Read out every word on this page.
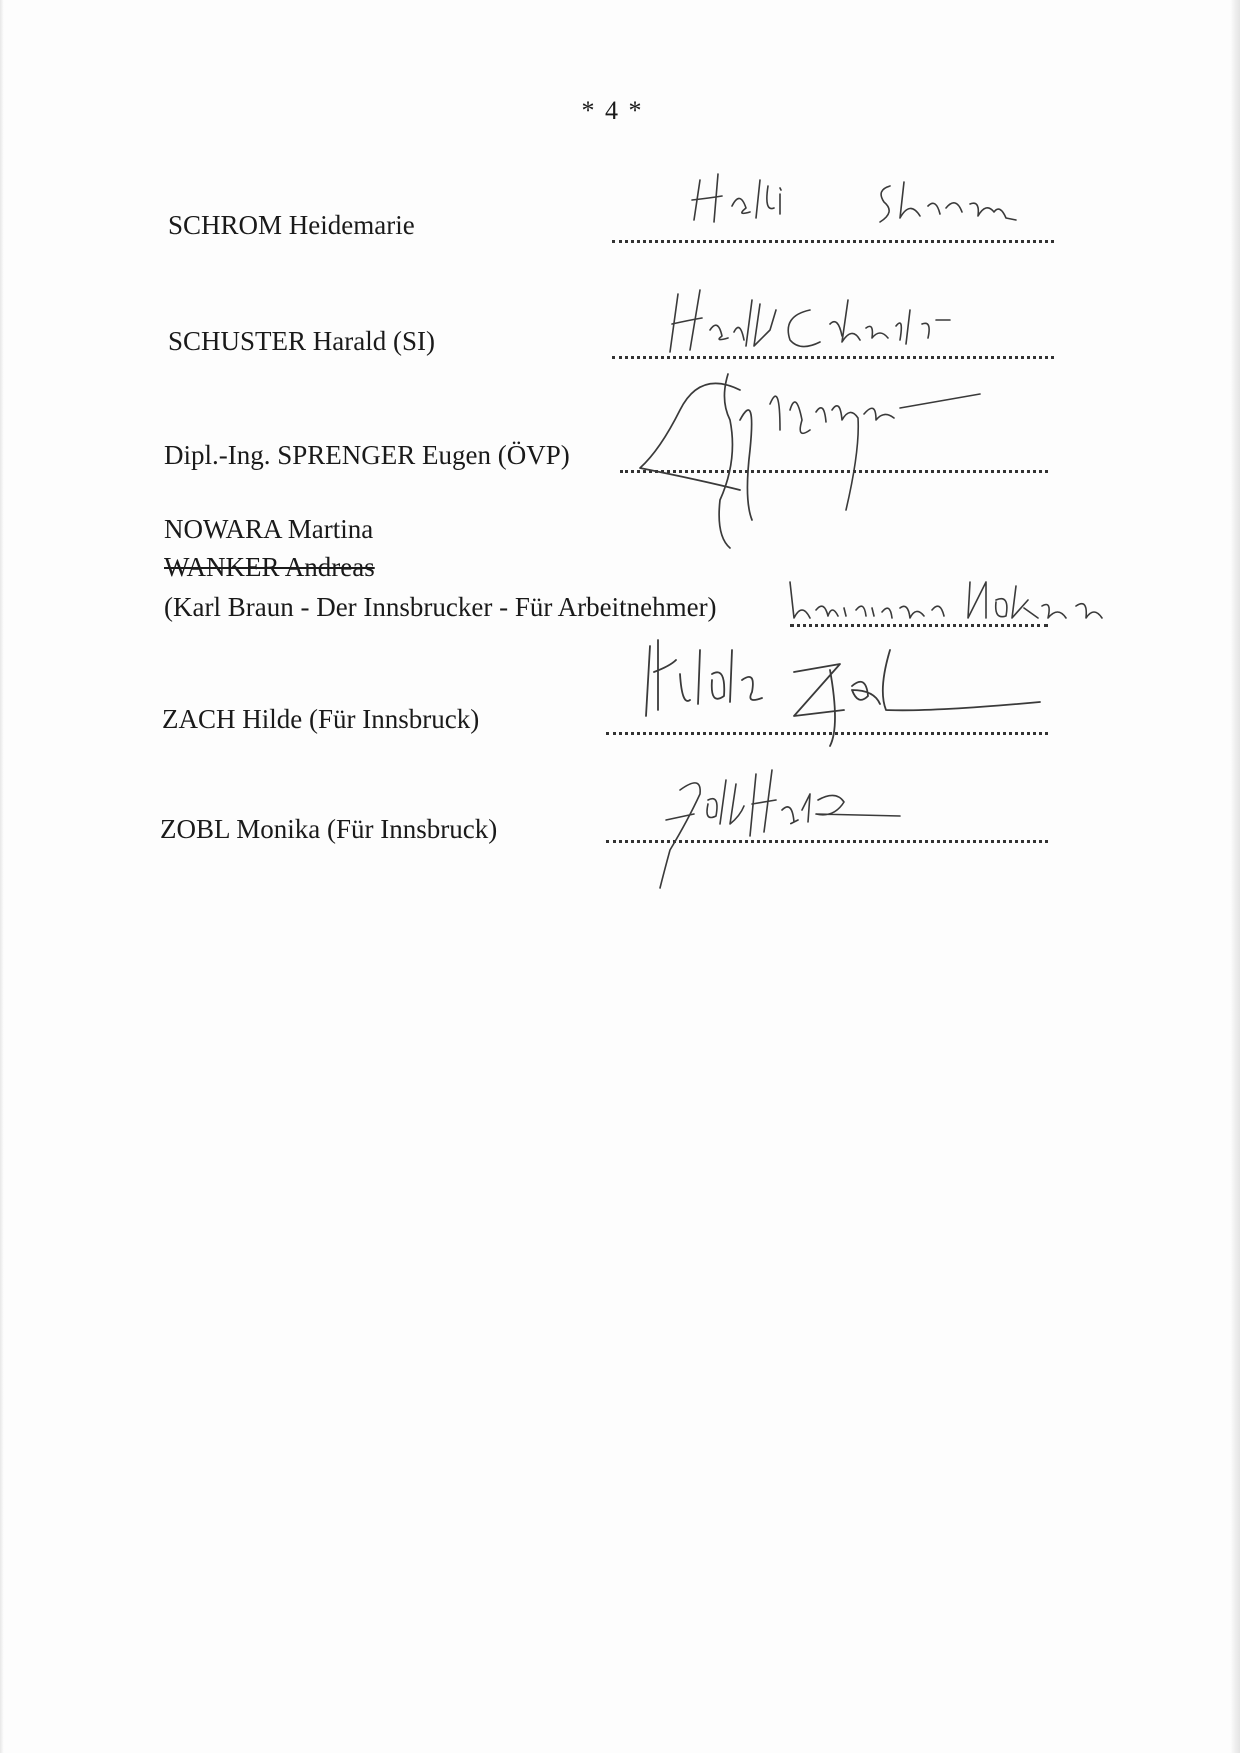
* 4 *
SCHROM Heidemarie
SCHUSTER Harald (SI)
Dipl.-Ing. SPRENGER Eugen (ÖVP)
NOWARA Martina
WANKER Andreas
(Karl Braun - Der Innsbrucker - Für Arbeitnehmer)
ZACH Hilde (Für Innsbruck)
ZOBL Monika (Für Innsbruck)
